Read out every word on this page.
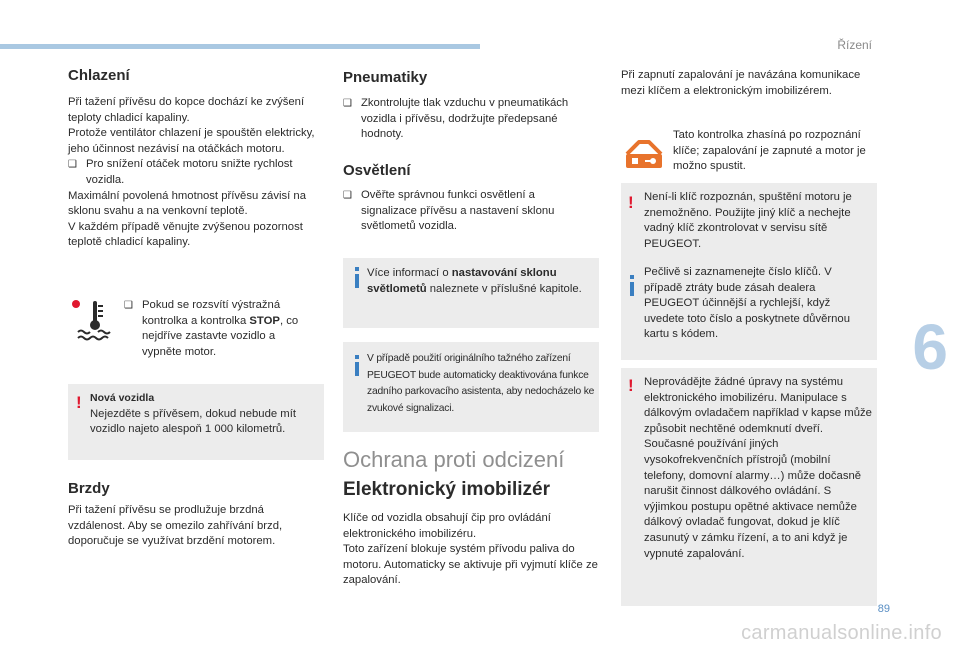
Řízení
6
89
carmanualsonline.info
Chlazení

Při tažení přívěsu do kopce dochází ke zvýšení teploty chladicí kapaliny.

Protože ventilátor chlazení je spouštěn elektricky, jeho účinnost nezávisí na otáčkách motoru.

❑ Pro snížení otáček motoru snižte rychlost vozidla.

Maximální povolená hmotnost přívěsu závisí na sklonu svahu a na venkovní teplotě.

V každém případě věnujte zvýšenou pozornost teplotě chladicí kapaliny.

❑ Pokud se rozsvítí výstražná kontrolka a kontrolka STOP, co nejdříve zastavte vozidlo a vypněte motor.
! Nová vozidla
Nejezděte s přívěsem, dokud nebude mít vozidlo najeto alespoň 1 000 kilometrů.
Brzdy

Při tažení přívěsu se prodlužuje brzdná vzdálenost. Aby se omezilo zahřívání brzd, doporučuje se využívat brzdění motorem.

Pneumatiky
❑ Zkontrolujte tlak vzduchu v pneumatikách vozidla i přívěsu, dodržujte předepsané hodnoty.
Osvětlení
❑ Ověřte správnou funkci osvětlení a signalizace přívěsu a nastavení sklonu světlometů vozidla.
Více informací o nastavování sklonu světlometů naleznete v příslušné kapitole.
V případě použití originálního tažného zařízení PEUGEOT bude automaticky deaktivována funkce zadního parkovacího asistenta, aby nedocházelo ke zvukové signalizaci.
Ochrana proti odcizení
Elektronický imobilizér

Klíče od vozidla obsahují čip pro ovládání elektronického imobilizéru.

Toto zařízení blokuje systém přívodu paliva do motoru. Automaticky se aktivuje při vyjmutí klíče ze zapalování.

Při zapnutí zapalování je navázána komunikace mezi klíčem a elektronickým imobilizérem.

Tato kontrolka zhasíná po rozpoznání klíče; zapalování je zapnuté a motor je možno spustit.

! Není-li klíč rozpoznán, spuštění motoru je znemožněno. Použijte jiný klíč a nechejte vadný klíč zkontrolovat v servisu sítě PEUGEOT.
Pečlivě si zaznamenejte číslo klíčů. V případě ztráty bude zásah dealera PEUGEOT účinnější a rychlejší, když uvedete toto číslo a poskytnete důvěrnou kartu s kódem.
! Neprovádějte žádné úpravy na systému elektronického imobilizéru. Manipulace s dálkovým ovladačem například v kapse může způsobit nechtěné odemknutí dveří. Současné používání jiných vysokofrekvenčních přístrojů (mobilní telefony, domovní alarmy…) může dočasně narušit činnost dálkového ovládání. S výjimkou postupu opětné aktivace nemůže dálkový ovladač fungovat, dokud je klíč zasunutý v zámku řízení, a to ani když je vypnuté zapalování.
